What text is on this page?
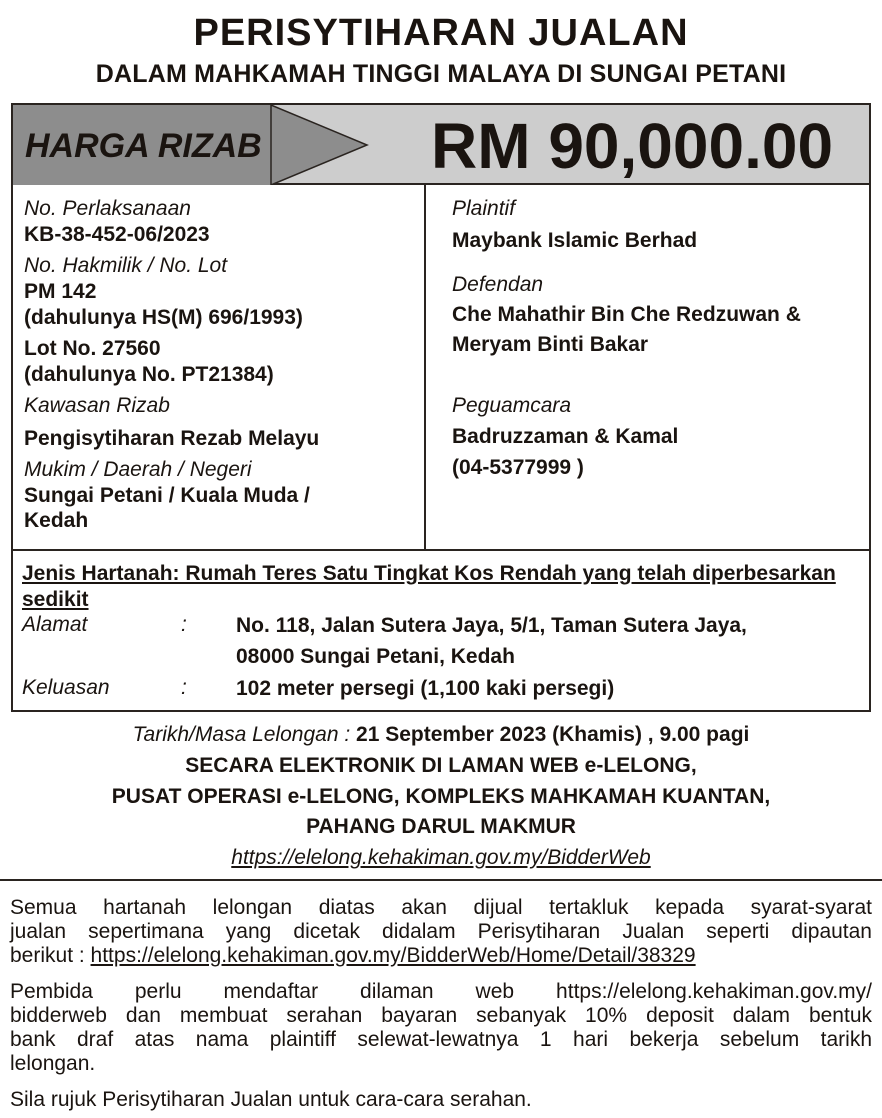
PERISYTIHARAN JUALAN
DALAM MAHKAMAH TINGGI MALAYA DI SUNGAI PETANI
HARGA RIZAB	RM 90,000.00
No. Perlaksanaan
KB-38-452-06/2023
No. Hakmilik / No. Lot
PM 142
(dahulunya HS(M) 696/1993)
Lot No. 27560
(dahulunya No. PT21384)
Kawasan Rizab
Pengisytiharan Rezab Melayu
Mukim / Daerah / Negeri
Sungai Petani / Kuala Muda /
Kedah
Plaintif
Maybank Islamic Berhad
Defendan
Che Mahathir Bin Che Redzuwan &
Meryam Binti Bakar
Peguamcara
Badruzzaman & Kamal
(04-5377999 )
Jenis Hartanah: Rumah Teres Satu Tingkat Kos Rendah yang telah diperbesarkan
sedikit
Alamat	: No. 118, Jalan Sutera Jaya, 5/1, Taman Sutera Jaya,
08000 Sungai Petani, Kedah
Keluasan	: 102 meter persegi (1,100 kaki persegi)
Tarikh/Masa Lelongan : 21 September 2023 (Khamis) , 9.00 pagi
SECARA ELEKTRONIK DI LAMAN WEB e-LELONG,
PUSAT OPERASI e-LELONG, KOMPLEKS MAHKAMAH KUANTAN,
PAHANG DARUL MAKMUR
https://elelong.kehakiman.gov.my/BidderWeb
Semua hartanah lelongan diatas akan dijual tertakluk kepada syarat-syarat
jualan sepertimana yang dicetak didalam Perisytiharan Jualan seperti dipautan
berikut : https://elelong.kehakiman.gov.my/BidderWeb/Home/Detail/38329
Pembida perlu mendaftar dilaman web https://elelong.kehakiman.gov.my/
bidderweb dan membuat serahan bayaran sebanyak 10% deposit dalam bentuk
bank draf atas nama plaintiff selewat-lewatnya 1 hari bekerja sebelum tarikh
lelongan.
Sila rujuk Perisytiharan Jualan untuk cara-cara serahan.
